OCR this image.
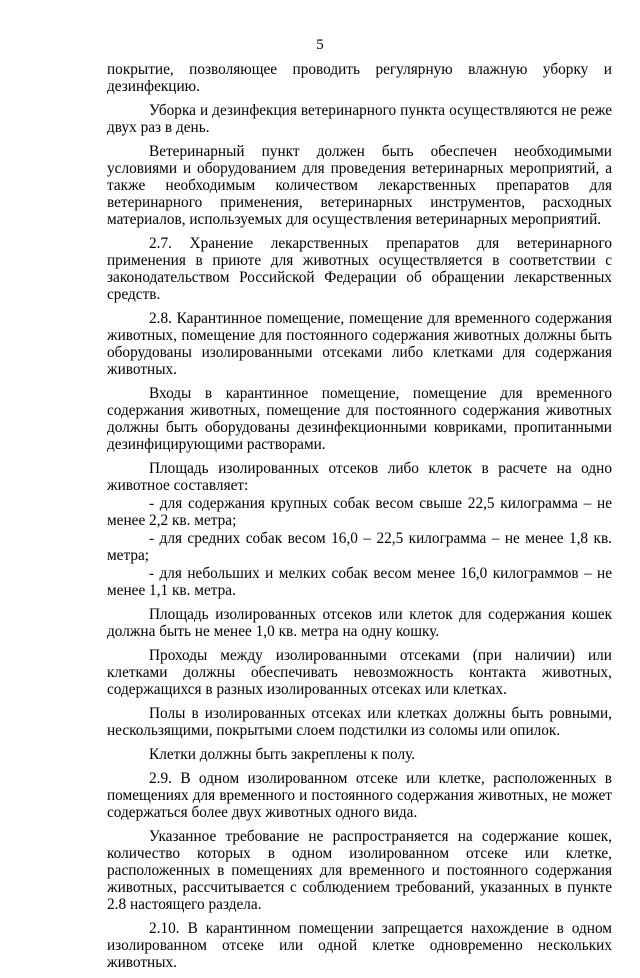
5

покрытие, позволяющее проводить регулярную влажную уборку и дезинфекцию.

Уборка и дезинфекция ветеринарного пункта осуществляются не реже двух раз в день.

Ветеринарный пункт должен быть обеспечен необходимыми условиями и оборудованием для проведения ветеринарных мероприятий, а также необходимым количеством лекарственных препаратов для ветеринарного применения, ветеринарных инструментов, расходных материалов, используемых для осуществления ветеринарных мероприятий.

2.7. Хранение лекарственных препаратов для ветеринарного применения в приюте для животных осуществляется в соответствии с законодательством Российской Федерации об обращении лекарственных средств.

2.8. Карантинное помещение, помещение для временного содержания животных, помещение для постоянного содержания животных должны быть оборудованы изолированными отсеками либо клетками для содержания животных.

Входы в карантинное помещение, помещение для временного содержания животных, помещение для постоянного содержания животных должны быть оборудованы дезинфекционными ковриками, пропитанными дезинфицирующими растворами.

Площадь изолированных отсеков либо клеток в расчете на одно животное составляет:

- для содержания крупных собак весом свыше 22,5 килограмма – не менее 2,2 кв. метра;

- для средних собак весом 16,0 – 22,5 килограмма – не менее 1,8 кв. метра;

- для небольших и мелких собак весом менее 16,0 килограммов – не менее 1,1 кв. метра.

Площадь изолированных отсеков или клеток для содержания кошек должна быть не менее 1,0 кв. метра на одну кошку.

Проходы между изолированными отсеками (при наличии) или клетками должны обеспечивать невозможность контакта животных, содержащихся в разных изолированных отсеках или клетках.

Полы в изолированных отсеках или клетках должны быть ровными, нескользящими, покрытыми слоем подстилки из соломы или опилок.

Клетки должны быть закреплены к полу.

2.9. В одном изолированном отсеке или клетке, расположенных в помещениях для временного и постоянного содержания животных, не может содержаться более двух животных одного вида.

Указанное требование не распространяется на содержание кошек, количество которых в одном изолированном отсеке или клетке, расположенных в помещениях для временного и постоянного содержания животных, рассчитывается с соблюдением требований, указанных в пункте 2.8 настоящего раздела.

2.10. В карантинном помещении запрещается нахождение в одном изолированном отсеке или одной клетке одновременно нескольких животных.
